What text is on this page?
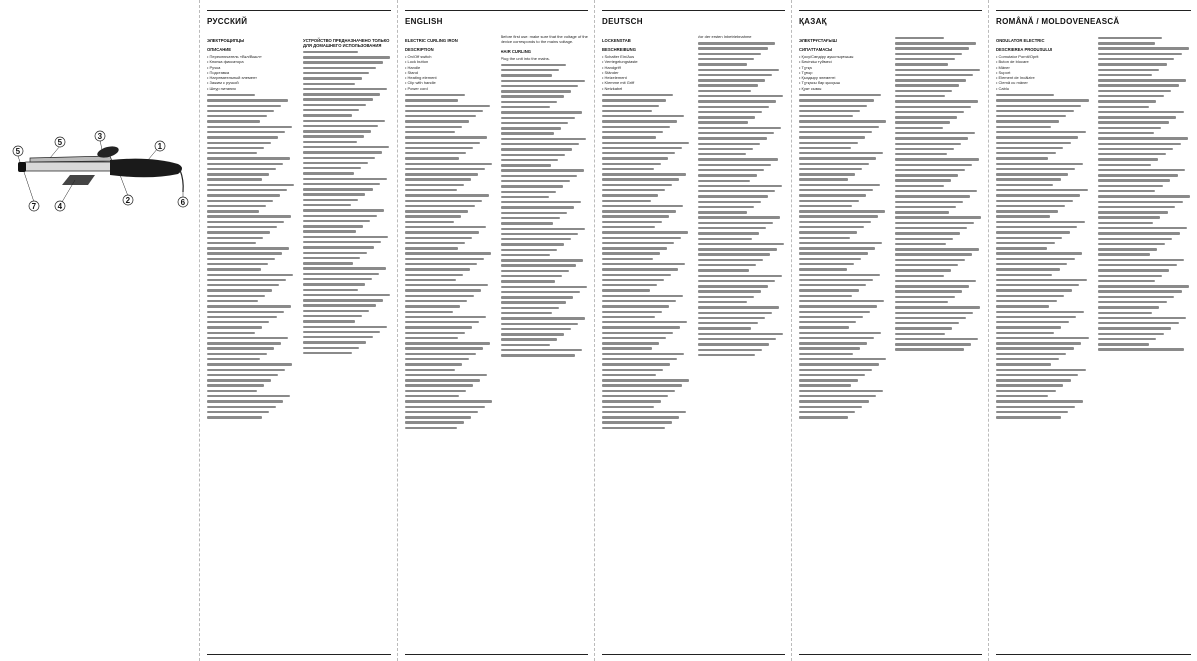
1
2
3
4
5
6
7
5
РУССКИЙ
ЭЛЕКТРОЩИПЦЫ
ОПИСАНИЕ
• Переключатель «Вкл/Выкл»
• Кнопка фиксатора
• Ручка
• Подставка
• Нагревательный элемент
• Зажим с ручкой
• Шнур питания
УСТРОЙСТВО ПРЕДНАЗНАЧЕНО ТОЛЬКО ДЛЯ ДОМАШНЕГО ИСПОЛЬЗОВАНИЯ
ENGLISH
ELECTRIC CURLING IRON
DESCRIPTION
• On/Off switch
• Lock button
• Handle
• Stand
• Heating element
• Clip with handle
• Power cord

Before first use: make sure that the voltage of the device corresponds to the mains voltage.

HAIR CURLING

Plug the unit into the mains.

DEUTSCH
LOCKENSTAB
BESCHREIBUNG
• Schalter Ein/Aus
• Verriegelungstaste
• Handgriff
• Ständer
• Heizelement
• Klemme mit Griff
• Netzkabel

Vor der ersten Inbetriebnahme

ҚАЗАҚ
ЭЛЕКТРҰСТАҒЫШ
СИПАТТАМАСЫ
• Қосу/Сөндіру ауыстырғышы
• Бекіткіш түймесі
• Тұтқа
• Тұғыр
• Қыздыру элементі
• Тұтқасы бар қысқыш
• Қуат сымы
ROMÂNĂ / MOLDOVENEASCĂ
ONDULATOR ELECTRIC
DESCRIEREA PRODUSULUI
• Comutator Pornit/Oprit
• Buton de blocare
• Mâner
• Suport
• Element de încălzire
• Clemă cu mâner
• Cablu
